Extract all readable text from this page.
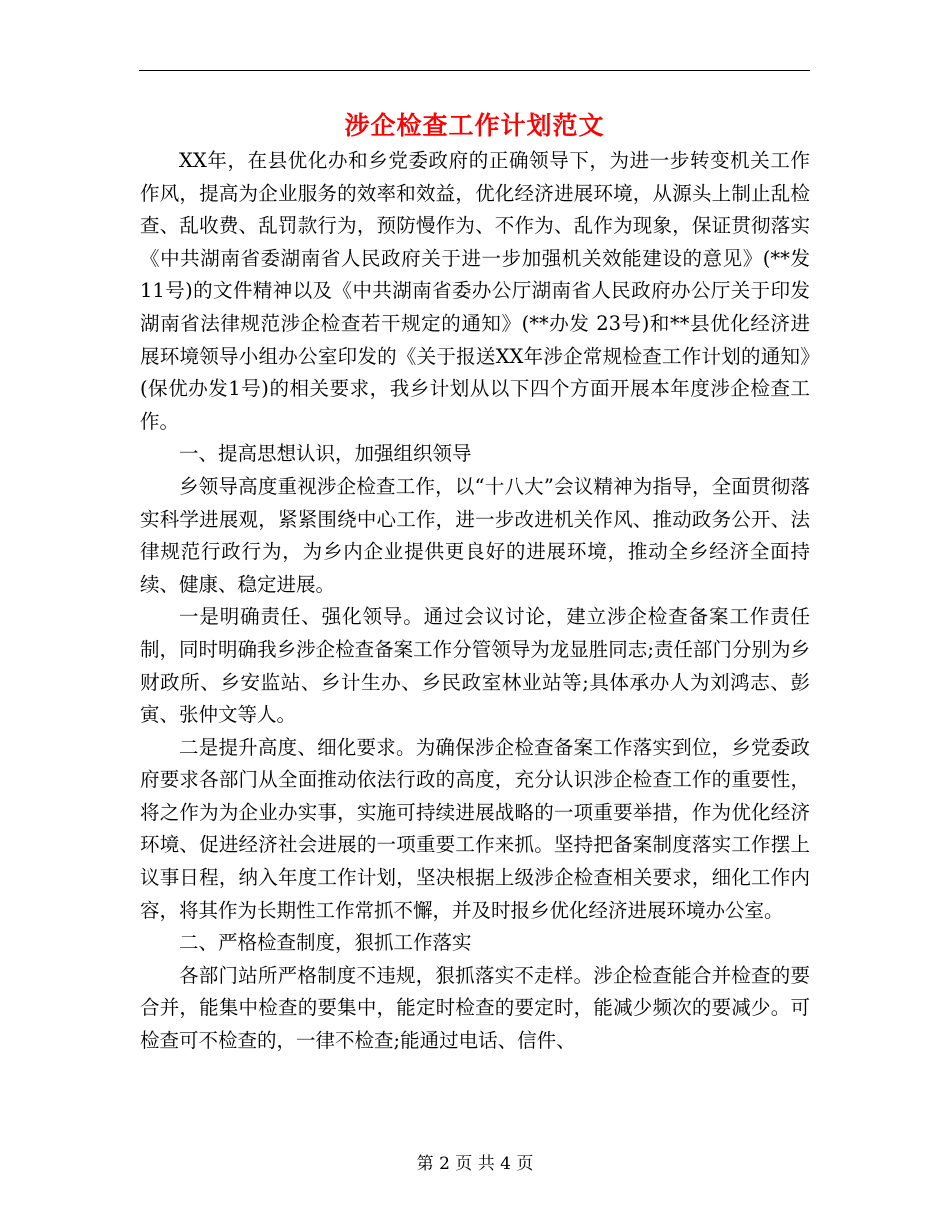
涉企检查工作计划范文

XX年，在县优化办和乡党委政府的正确领导下，为进一步转变机关工作作风，提高为企业服务的效率和效益，优化经济进展环境，从源头上制止乱检查、乱收费、乱罚款行为，预防慢作为、不作为、乱作为现象，保证贯彻落实《中共湖南省委湖南省人民政府关于进一步加强机关效能建设的意见》(**发 11号)的文件精神以及《中共湖南省委办公厅湖南省人民政府办公厅关于印发湖南省法律规范涉企检查若干规定的通知》(**办发 23号)和**县优化经济进展环境领导小组办公室印发的《关于报送XX年涉企常规检查工作计划的通知》(保优办发1号)的相关要求，我乡计划从以下四个方面开展本年度涉企检查工作。

一、提高思想认识，加强组织领导

乡领导高度重视涉企检查工作，以“十八大”会议精神为指导，全面贯彻落实科学进展观，紧紧围绕中心工作，进一步改进机关作风、推动政务公开、法律规范行政行为，为乡内企业提供更良好的进展环境，推动全乡经济全面持续、健康、稳定进展。

一是明确责任、强化领导。通过会议讨论，建立涉企检查备案工作责任制，同时明确我乡涉企检查备案工作分管领导为龙显胜同志;责任部门分别为乡财政所、乡安监站、乡计生办、乡民政室林业站等;具体承办人为刘鸿志、彭寅、张仲文等人。

二是提升高度、细化要求。为确保涉企检查备案工作落实到位，乡党委政府要求各部门从全面推动依法行政的高度，充分认识涉企检查工作的重要性，将之作为为企业办实事，实施可持续进展战略的一项重要举措，作为优化经济环境、促进经济社会进展的一项重要工作来抓。坚持把备案制度落实工作摆上议事日程，纳入年度工作计划，坚决根据上级涉企检查相关要求，细化工作内容，将其作为长期性工作常抓不懈，并及时报乡优化经济进展环境办公室。

二、严格检查制度，狠抓工作落实

各部门站所严格制度不违规，狠抓落实不走样。涉企检查能合并检查的要合并，能集中检查的要集中，能定时检查的要定时，能减少频次的要减少。可检查可不检查的，一律不检查;能通过电话、信件、

第 2 页 共 4 页
